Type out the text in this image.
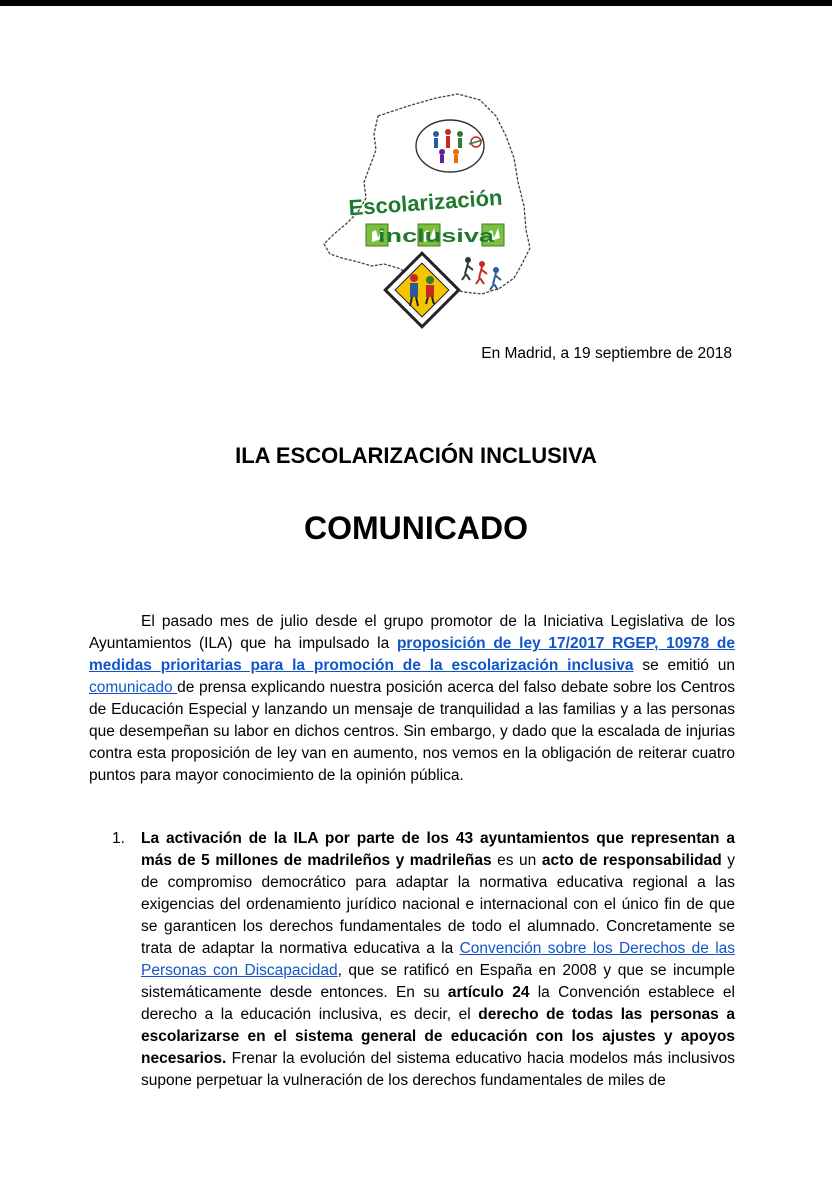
Escolarización
inclusiva
En Madrid, a 19 septiembre de 2018
ILA ESCOLARIZACIÓN INCLUSIVA
COMUNICADO

El pasado mes de julio desde el grupo promotor de la Iniciativa Legislativa de los Ayuntamientos (ILA) que ha impulsado la proposición de ley 17/2017 RGEP, 10978 de medidas prioritarias para la promoción de la escolarización inclusiva se emitió un comunicado de prensa explicando nuestra posición acerca del falso debate sobre los Centros de Educación Especial y lanzando un mensaje de tranquilidad a las familias y a las personas que desempeñan su labor en dichos centros. Sin embargo, y dado que la escalada de injurias contra esta proposición de ley van en aumento, nos vemos en la obligación de reiterar cuatro puntos para mayor conocimiento de la opinión pública.

1. La activación de la ILA por parte de los 43 ayuntamientos que representan a más de 5 millones de madrileños y madrileñas es un acto de responsabilidad y de compromiso democrático para adaptar la normativa educativa regional a las exigencias del ordenamiento jurídico nacional e internacional con el único fin de que se garanticen los derechos fundamentales de todo el alumnado. Concretamente se trata de adaptar la normativa educativa a la Convención sobre los Derechos de las Personas con Discapacidad, que se ratificó en España en 2008 y que se incumple sistemáticamente desde entonces. En su artículo 24 la Convención establece el derecho a la educación inclusiva, es decir, el derecho de todas las personas a escolarizarse en el sistema general de educación con los ajustes y apoyos necesarios. Frenar la evolución del sistema educativo hacia modelos más inclusivos supone perpetuar la vulneración de los derechos fundamentales de miles de
